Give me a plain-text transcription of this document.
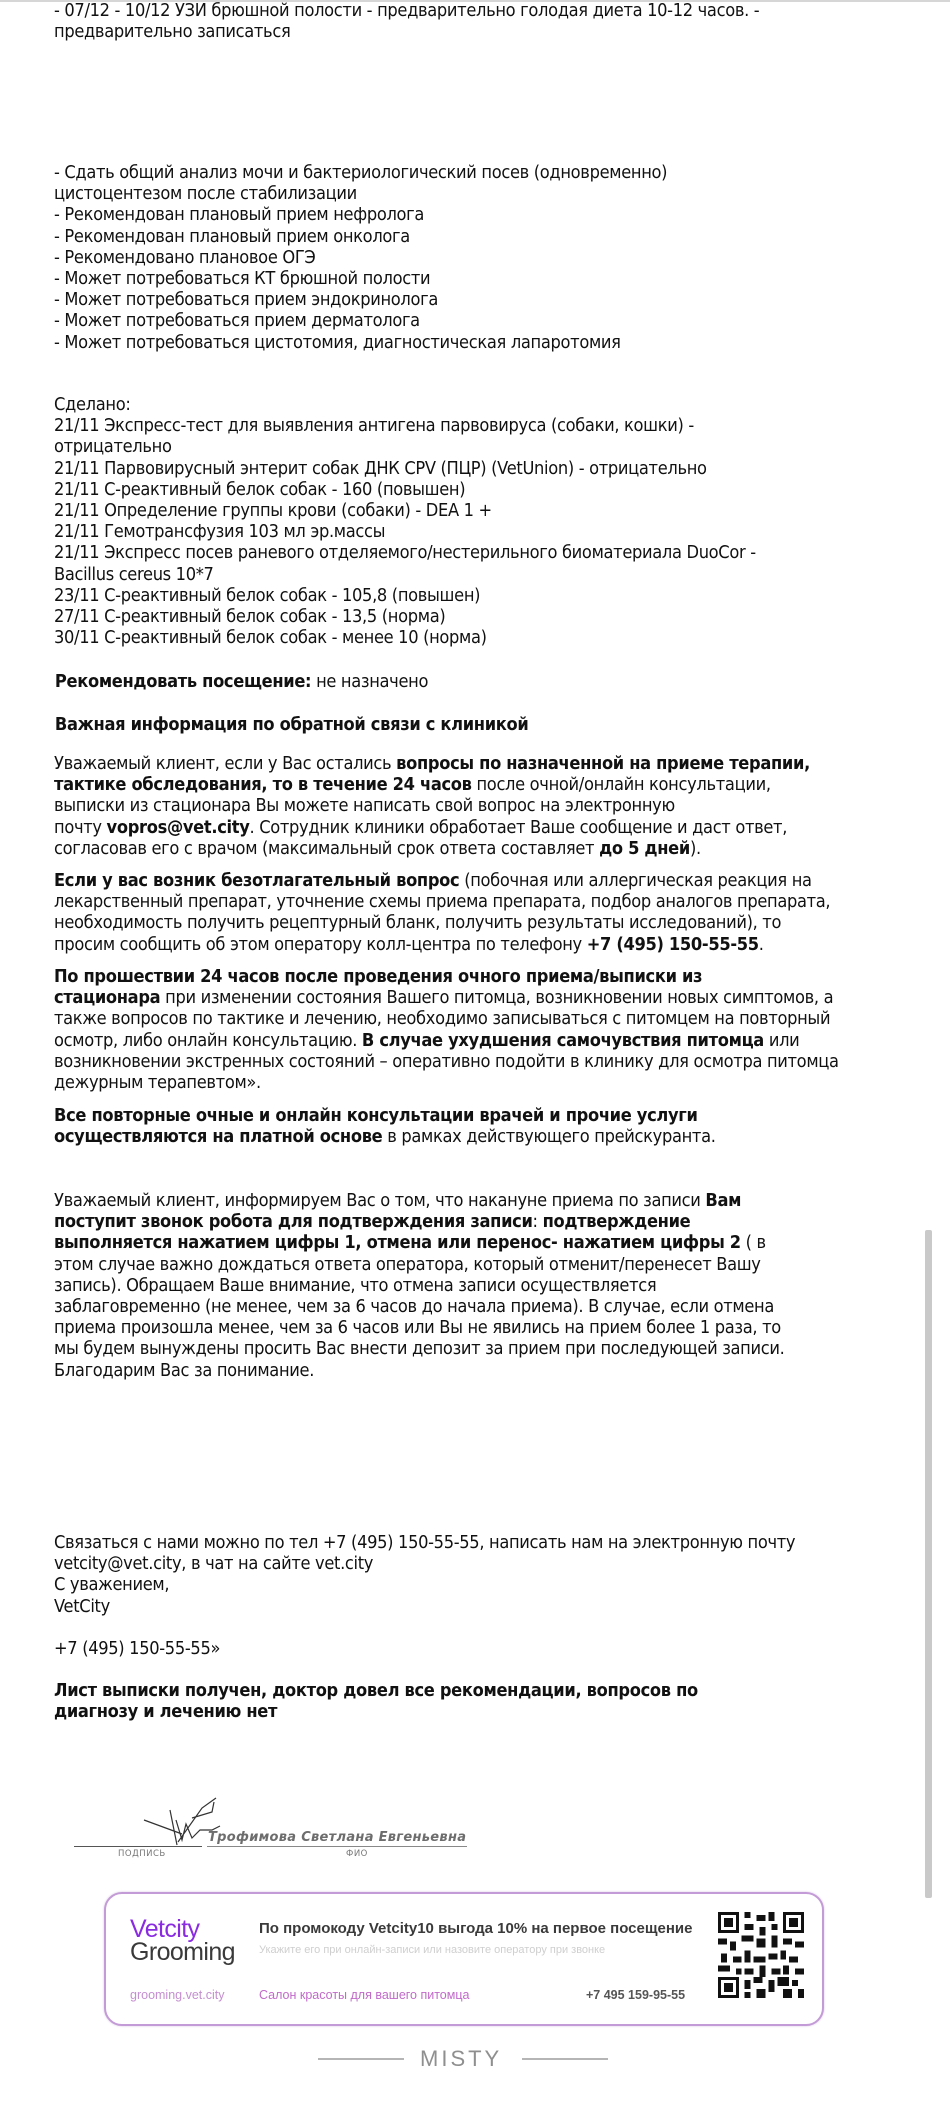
- 07/12 - 10/12 УЗИ брюшной полости - предварительно голодая диета 10-12 часов. -
предварительно записаться
- Сдать общий анализ мочи и бактериологический посев (одновременно)
цистоцентезом после стабилизации
- Рекомендован плановый прием нефролога
- Рекомендован плановый прием онколога
- Рекомендовано плановое ОГЭ
- Может потребоваться КТ брюшной полости
- Может потребоваться прием эндокринолога
- Может потребоваться прием дерматолога
- Может потребоваться цистотомия, диагностическая лапаротомия
Сделано:
21/11 Экспресс-тест для выявления антигена парвовируса (собаки, кошки) -
отрицательно
21/11 Парвовирусный энтерит собак ДНК CPV (ПЦР) (VetUnion) - отрицательно
21/11 С-реактивный белок собак - 160 (повышен)
21/11 Определение группы крови (собаки) - DEA 1 +
21/11 Гемотрансфузия 103 мл эр.массы
21/11 Экспресс посев раневого отделяемого/нестерильного биоматериала DuoCor -
Bacillus cereus 10*7
23/11 С-реактивный белок собак - 105,8 (повышен)
27/11 С-реактивный белок собак - 13,5 (норма)
30/11 С-реактивный белок собак - менее 10 (норма)
Рекомендовать посещение: не назначено
Важная информация по обратной связи с клиникой
Уважаемый клиент, если у Вас остались вопросы по назначенной на приеме терапии,
тактике обследования, то в течение 24 часов после очной/онлайн консультации,
выписки из стационара Вы можете написать свой вопрос на электронную
почту vopros@vet.city. Сотрудник клиники обработает Ваше сообщение и даст ответ,
согласовав его с врачом (максимальный срок ответа составляет до 5 дней).
Если у вас возник безотлагательный вопрос (побочная или аллергическая реакция на
лекарственный препарат, уточнение схемы приема препарата, подбор аналогов препарата,
необходимость получить рецептурный бланк, получить результаты исследований), то
просим сообщить об этом оператору колл-центра по телефону +7 (495) 150-55-55.
По прошествии 24 часов после проведения очного приема/выписки из
стационара при изменении состояния Вашего питомца, возникновении новых симптомов, а
также вопросов по тактике и лечению, необходимо записываться с питомцем на повторный
осмотр, либо онлайн консультацию. В случае ухудшения самочувствия питомца или
возникновении экстренных состояний – оперативно подойти в клинику для осмотра питомца
дежурным терапевтом».
Все повторные очные и онлайн консультации врачей и прочие услуги
осуществляются на платной основе в рамках действующего прейскуранта.
Уважаемый клиент, информируем Вас о том, что накануне приема по записи Вам
поступит звонок робота для подтверждения записи: подтверждение
выполняется нажатием цифры 1, отмена или перенос- нажатием цифры 2 ( в
этом случае важно дождаться ответа оператора, который отменит/перенесет Вашу
запись). Обращаем Ваше внимание, что отмена записи осуществляется
заблаговременно (не менее, чем за 6 часов до начала приема). В случае, если отмена
приема произошла менее, чем за 6 часов или Вы не явились на прием более 1 раза, то
мы будем вынуждены просить Вас внести депозит за прием при последующей записи.
Благодарим Вас за понимание.
Связаться с нами можно по тел +7 (495) 150-55-55, написать нам на электронную почту
vetcity@vet.city, в чат на сайте vet.city
С уважением,
VetCity
+7 (495) 150-55-55»
Лист выписки получен, доктор довел все рекомендации, вопросов по
диагнозу и лечению нет
Трофимова Светлана Евгеньевна
ПОДПИСЬ	ФИО
Vetcity
Grooming
По промокоду Vetcity10 выгода 10% на первое посещение
Укажите его при онлайн-записи или назовите оператору при звонке
grooming.vet.city	Салон красоты для вашего питомца	+7 495 159-95-55
MISTY
